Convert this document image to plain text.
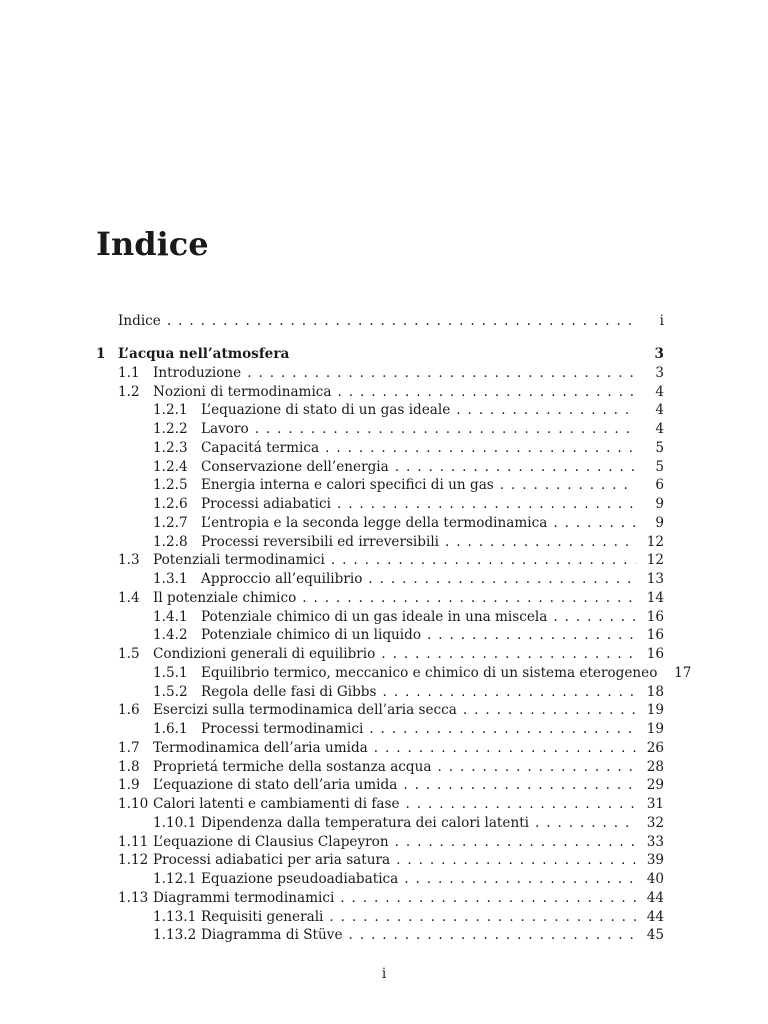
Indice
Indice . . .	i
1 L’acqua nell’atmosfera	3
1.1 Introduzione . . .	3
1.2 Nozioni di termodinamica . . .	4
1.2.1 L’equazione di stato di un gas ideale . . .	4
1.2.2 Lavoro . . .	4
1.2.3 Capacitá termica . . .	5
1.2.4 Conservazione dell’energia . . .	5
1.2.5 Energia interna e calori specifici di un gas . . .	6
1.2.6 Processi adiabatici . . .	9
1.2.7 L’entropia e la seconda legge della termodinamica . . .	9
1.2.8 Processi reversibili ed irreversibili . . .	12
1.3 Potenziali termodinamici . . .	12
1.3.1 Approccio all’equilibrio . . .	13
1.4 Il potenziale chimico . . .	14
1.4.1 Potenziale chimico di un gas ideale in una miscela . . .	16
1.4.2 Potenziale chimico di un liquido . . .	16
1.5 Condizioni generali di equilibrio . . .	16
1.5.1 Equilibrio termico, meccanico e chimico di un sistema eterogeneo	17
1.5.2 Regola delle fasi di Gibbs . . .	18
1.6 Esercizi sulla termodinamica dell’aria secca . . .	19
1.6.1 Processi termodinamici . . .	19
1.7 Termodinamica dell’aria umida . . .	26
1.8 Proprietá termiche della sostanza acqua . . .	28
1.9 L’equazione di stato dell’aria umida . . .	29
1.10 Calori latenti e cambiamenti di fase . . .	31
1.10.1 Dipendenza dalla temperatura dei calori latenti . . .	32
1.11 L’equazione di Clausius Clapeyron . . .	33
1.12 Processi adiabatici per aria satura . . .	39
1.12.1 Equazione pseudoadiabatica . . .	40
1.13 Diagrammi termodinamici . . .	44
1.13.1 Requisiti generali . . .	44
1.13.2 Diagramma di Stüve . . .	45
i
